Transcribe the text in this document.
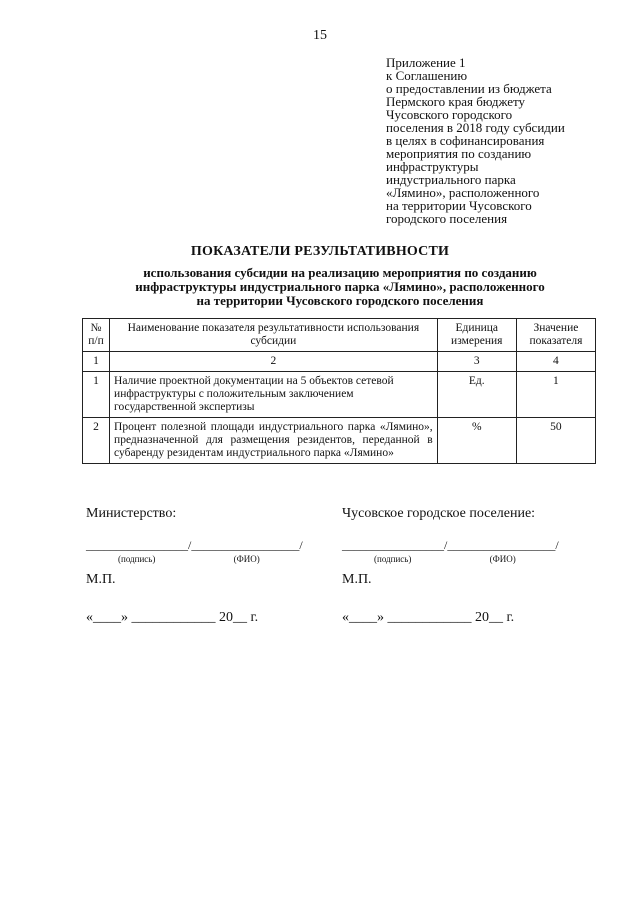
15
Приложение 1
к Соглашению
о предоставлении из бюджета
Пермского края бюджету
Чусовского городского
поселения в 2018 году субсидии
в целях в софинансирования
мероприятия по созданию
инфраструктуры
индустриального парка
«Лямино», расположенного
на территории Чусовского
городского поселения
ПОКАЗАТЕЛИ РЕЗУЛЬТАТИВНОСТИ
использования субсидии на реализацию мероприятия по созданию
инфраструктуры индустриального парка «Лямино», расположенного
на территории Чусовского городского поселения
№ п/п	Наименование показателя результативности использования субсидии	Единица измерения	Значение показателя
1	2	3	4
1	Наличие проектной документации на 5 объектов сетевой инфраструктуры с положительным заключением государственной экспертизы	Ед.	1
2	Процент полезной площади индустриального парка «Лямино», предназначенной для размещения резидентов, переданной в субаренду резидентам индустриального парка «Лямино»	%	50
Министерство:
_________________/__________________/
(подпись)	(ФИО)
М.П.
«____» ____________ 20__ г.
Чусовское городское поселение:
_________________/__________________/
(подпись)	(ФИО)
М.П.
«____» ____________ 20__ г.
